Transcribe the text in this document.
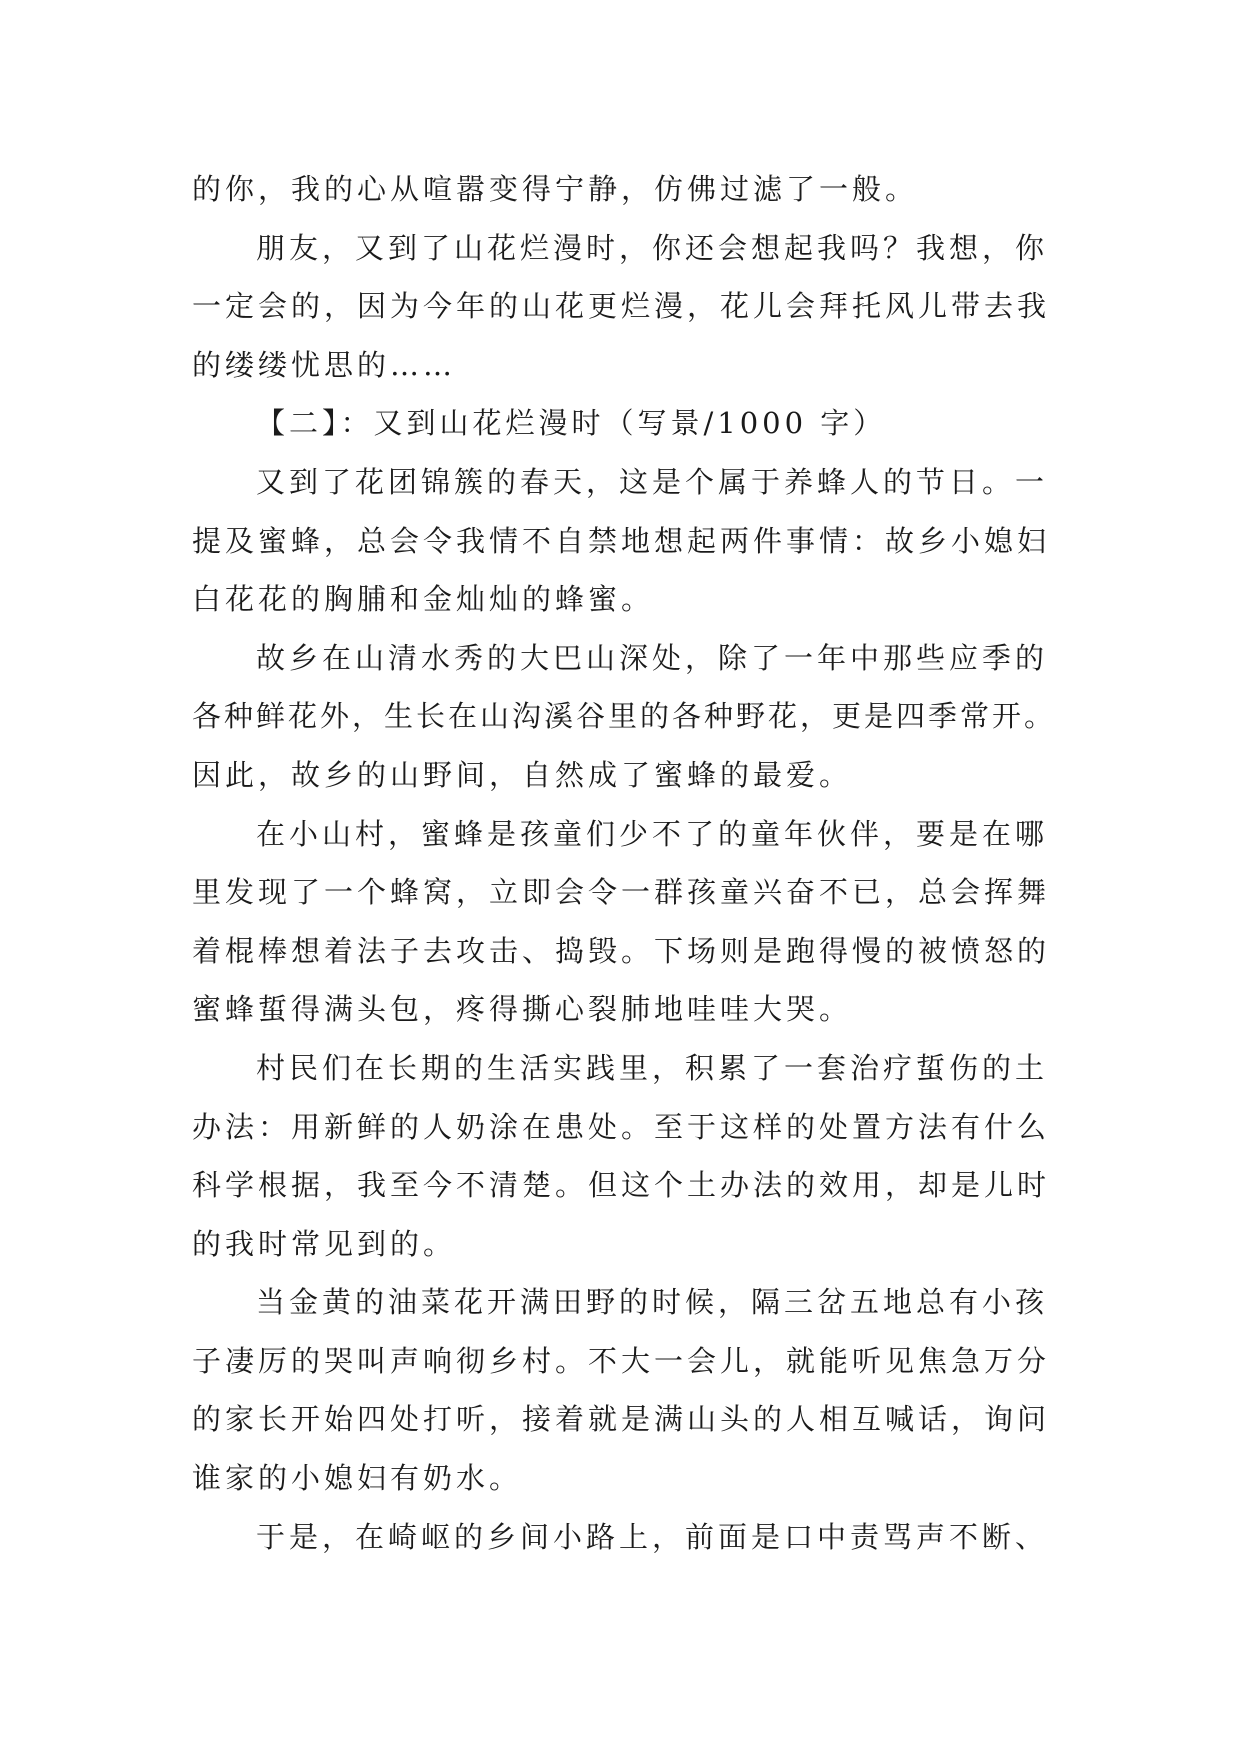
的你，我的心从喧嚣变得宁静，仿佛过滤了一般。
朋友，又到了山花烂漫时，你还会想起我吗？我想，你
一定会的，因为今年的山花更烂漫，花儿会拜托风儿带去我
的缕缕忧思的……
【二】：又到山花烂漫时（写景/1000 字）
又到了花团锦簇的春天，这是个属于养蜂人的节日。一
提及蜜蜂，总会令我情不自禁地想起两件事情：故乡小媳妇
白花花的胸脯和金灿灿的蜂蜜。
故乡在山清水秀的大巴山深处，除了一年中那些应季的
各种鲜花外，生长在山沟溪谷里的各种野花，更是四季常开。
因此，故乡的山野间，自然成了蜜蜂的最爱。
在小山村，蜜蜂是孩童们少不了的童年伙伴，要是在哪
里发现了一个蜂窝，立即会令一群孩童兴奋不已，总会挥舞
着棍棒想着法子去攻击、捣毁。下场则是跑得慢的被愤怒的
蜜蜂蜇得满头包，疼得撕心裂肺地哇哇大哭。
村民们在长期的生活实践里，积累了一套治疗蜇伤的土
办法：用新鲜的人奶涂在患处。至于这样的处置方法有什么
科学根据，我至今不清楚。但这个土办法的效用，却是儿时
的我时常见到的。
当金黄的油菜花开满田野的时候，隔三岔五地总有小孩
子凄厉的哭叫声响彻乡村。不大一会儿，就能听见焦急万分
的家长开始四处打听，接着就是满山头的人相互喊话，询问
谁家的小媳妇有奶水。
于是，在崎岖的乡间小路上，前面是口中责骂声不断、
